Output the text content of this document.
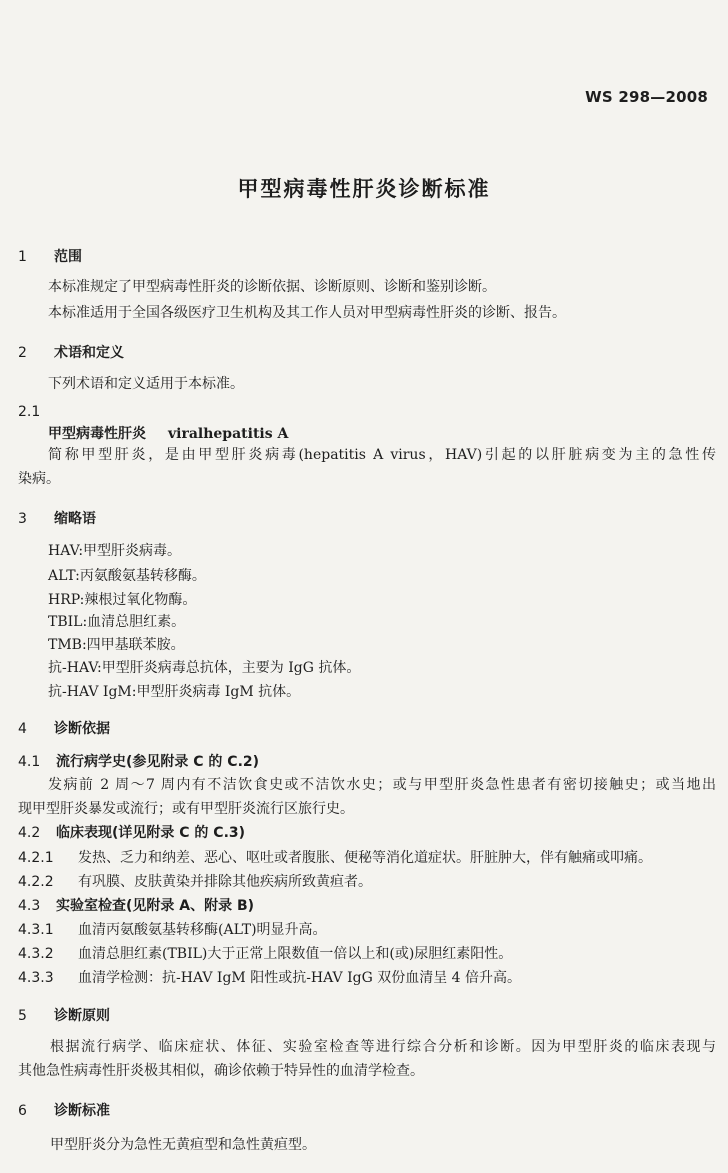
WS 298—2008
甲型病毒性肝炎诊断标准
1 范围
本标准规定了甲型病毒性肝炎的诊断依据、诊断原则、诊断和鉴别诊断。
本标准适用于全国各级医疗卫生机构及其工作人员对甲型病毒性肝炎的诊断、报告。
2 术语和定义
下列术语和定义适用于本标准。
2.1
甲型病毒性肝炎 viralhepatitis A
简称甲型肝炎，是由甲型肝炎病毒(hepatitis A virus，HAV)引起的以肝脏病变为主的急性传
染病。
3 缩略语
HAV:甲型肝炎病毒。
ALT:丙氨酸氨基转移酶。
HRP:辣根过氧化物酶。
TBIL:血清总胆红素。
TMB:四甲基联苯胺。
抗-HAV:甲型肝炎病毒总抗体，主要为 IgG 抗体。
抗-HAV IgM:甲型肝炎病毒 IgM 抗体。
4 诊断依据
4.1 流行病学史(参见附录 C 的 C.2)
发病前 2 周～7 周内有不洁饮食史或不洁饮水史；或与甲型肝炎急性患者有密切接触史；或当地出
现甲型肝炎暴发或流行；或有甲型肝炎流行区旅行史。
4.2 临床表现(详见附录 C 的 C.3)
4.2.1 发热、乏力和纳差、恶心、呕吐或者腹胀、便秘等消化道症状。肝脏肿大，伴有触痛或叩痛。
4.2.2 有巩膜、皮肤黄染并排除其他疾病所致黄疸者。
4.3 实验室检查(见附录 A、附录 B)
4.3.1 血清丙氨酸氨基转移酶(ALT)明显升高。
4.3.2 血清总胆红素(TBIL)大于正常上限数值一倍以上和(或)尿胆红素阳性。
4.3.3 血清学检测：抗-HAV IgM 阳性或抗-HAV IgG 双份血清呈 4 倍升高。
5 诊断原则
根据流行病学、临床症状、体征、实验室检查等进行综合分析和诊断。因为甲型肝炎的临床表现与
其他急性病毒性肝炎极其相似，确诊依赖于特异性的血清学检查。
6 诊断标准
甲型肝炎分为急性无黄疸型和急性黄疸型。
